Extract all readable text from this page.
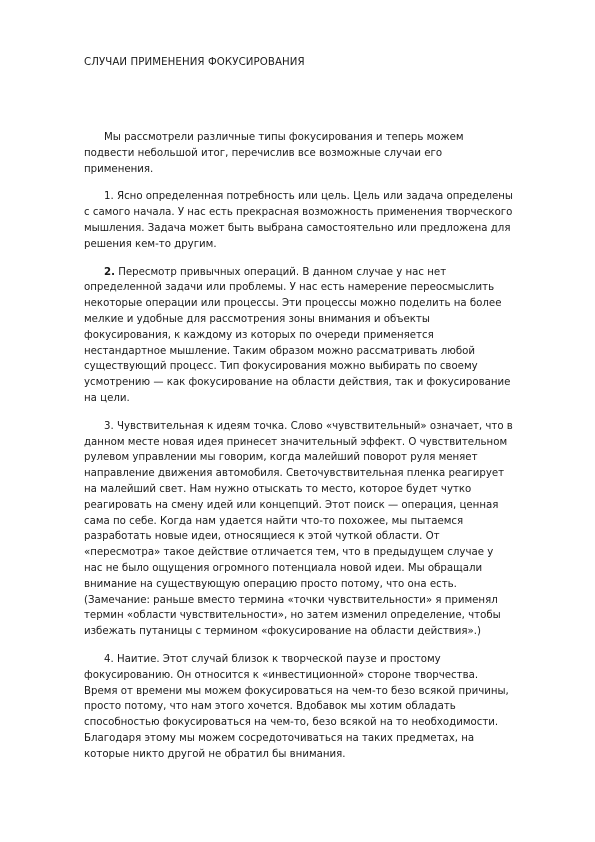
СЛУЧАИ ПРИМЕНЕНИЯ ФОКУСИРОВАНИЯ

Мы рассмотрели различные типы фокусирования и теперь можем подвести небольшой итог, перечислив все возможные случаи его применения.

1. Ясно определенная потребность или цель. Цель или задача определены с самого начала. У нас есть прекрасная возможность применения творческого мышления. Задача может быть выбрана самостоятельно или предложена для решения кем-то другим.

2. Пересмотр привычных операций. В данном случае у нас нет определенной задачи или проблемы. У нас есть намерение переосмыслить некоторые операции или процессы. Эти процессы можно поделить на более мелкие и удобные для рассмотрения зоны внимания и объекты фокусирования, к каждому из которых по очереди применяется нестандартное мышление. Таким образом можно рассматривать любой существующий процесс. Тип фокусирования можно выбирать по своему усмотрению — как фокусирование на области действия, так и фокусирование на цели.

3. Чувствительная к идеям точка. Слово «чувствительный» означает, что в данном месте новая идея принесет значительный эффект. О чувствительном рулевом управлении мы говорим, когда малейший поворот руля меняет направление движения автомобиля. Светочувствительная пленка реагирует на малейший свет. Нам нужно отыскать то место, которое будет чутко реагировать на смену идей или концепций. Этот поиск — операция, ценная сама по себе. Когда нам удается найти что-то похожее, мы пытаемся разработать новые идеи, относящиеся к этой чуткой области. От «пересмотра» такое действие отличается тем, что в предыдущем случае у нас не было ощущения огромного потенциала новой идеи. Мы обращали внимание на существующую операцию просто потому, что она есть. (Замечание: раньше вместо термина «точки чувствительности» я применял термин «области чувствительности», но затем изменил определение, чтобы избежать путаницы с термином «фокусирование на области действия».)

4. Наитие. Этот случай близок к творческой паузе и простому фокусированию. Он относится к «инвестиционной» стороне творчества. Время от времени мы можем фокусироваться на чем-то безо всякой причины, просто потому, что нам этого хочется. Вдобавок мы хотим обладать способностью фокусироваться на чем-то, безо всякой на то необходимости. Благодаря этому мы можем сосредоточиваться на таких предметах, на которые никто другой не обратил бы внимания.
